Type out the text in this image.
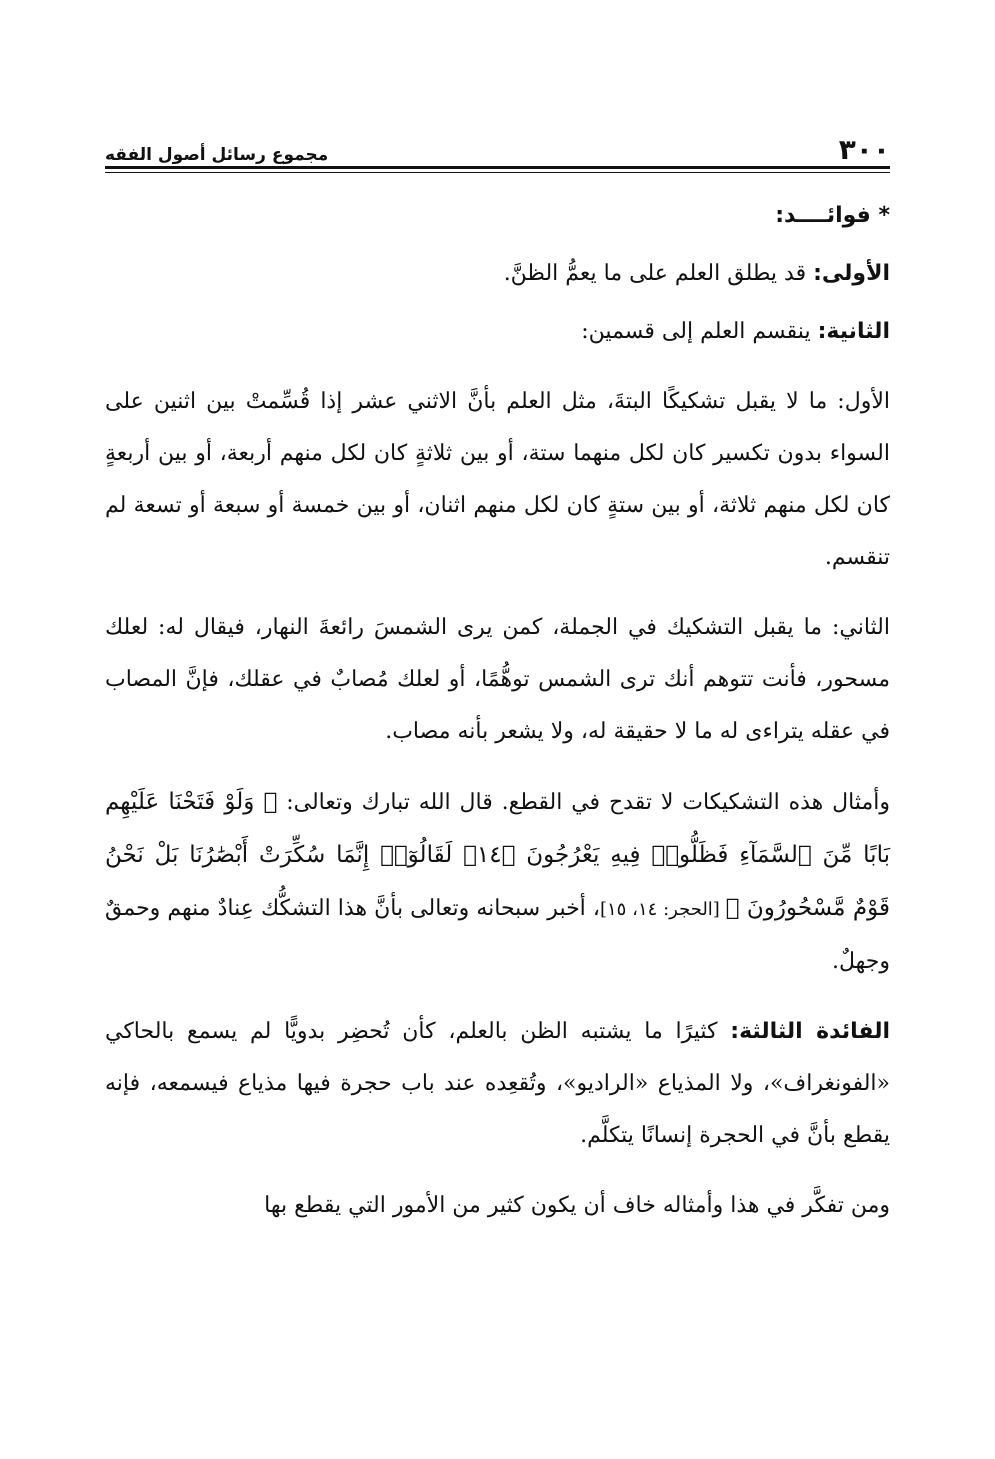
٣٠٠
مجموع رسائل أصول الفقه

* فوائــــد:

الأولى: قد يطلق العلم على ما يعمُّ الظنَّ.

الثانية: ينقسم العلم إلى قسمين:

الأول: ما لا يقبل تشكيكًا البتةَ، مثل العلم بأنَّ الاثني عشر إذا قُسِّمتْ بين اثنين على السواء بدون تكسير كان لكل منهما ستة، أو بين ثلاثةٍ كان لكل منهم أربعة، أو بين أربعةٍ كان لكل منهم ثلاثة، أو بين ستةٍ كان لكل منهم اثنان، أو بين خمسة أو سبعة أو تسعة لم تنقسم.

الثاني: ما يقبل التشكيك في الجملة، كمن يرى الشمسَ رائعةَ النهار، فيقال له: لعلك مسحور، فأنت تتوهم أنك ترى الشمس توهُّمًا، أو لعلك مُصابٌ في عقلك، فإنَّ المصاب في عقله يتراءى له ما لا حقيقة له، ولا يشعر بأنه مصاب.

وأمثال هذه التشكيكات لا تقدح في القطع. قال الله تبارك وتعالى: ﴿ وَلَوْ فَتَحْنَا عَلَيْهِم بَابًا مِّنَ ٱلسَّمَآءِ فَظَلُّوا۟ فِيهِ يَعْرُجُونَ ﴿١٤﴾ لَقَالُوٓا۟ إِنَّمَا سُكِّرَتْ أَبْصَٰرُنَا بَلْ نَحْنُ قَوْمٌ مَّسْحُورُونَ ﴾ [الحجر: ١٤، ١٥]، أخبر سبحانه وتعالى بأنَّ هذا التشكُّك عِنادٌ منهم وحمقٌ وجهلٌ.

الفائدة الثالثة: كثيرًا ما يشتبه الظن بالعلم، كأن تُحضِر بدويًّا لم يسمع بالحاكي «الفونغراف»، ولا المذياع «الراديو»، وتُقعِده عند باب حجرة فيها مذياع فيسمعه، فإنه يقطع بأنَّ في الحجرة إنسانًا يتكلَّم.

ومن تفكَّر في هذا وأمثاله خاف أن يكون كثير من الأمور التي يقطع بها
